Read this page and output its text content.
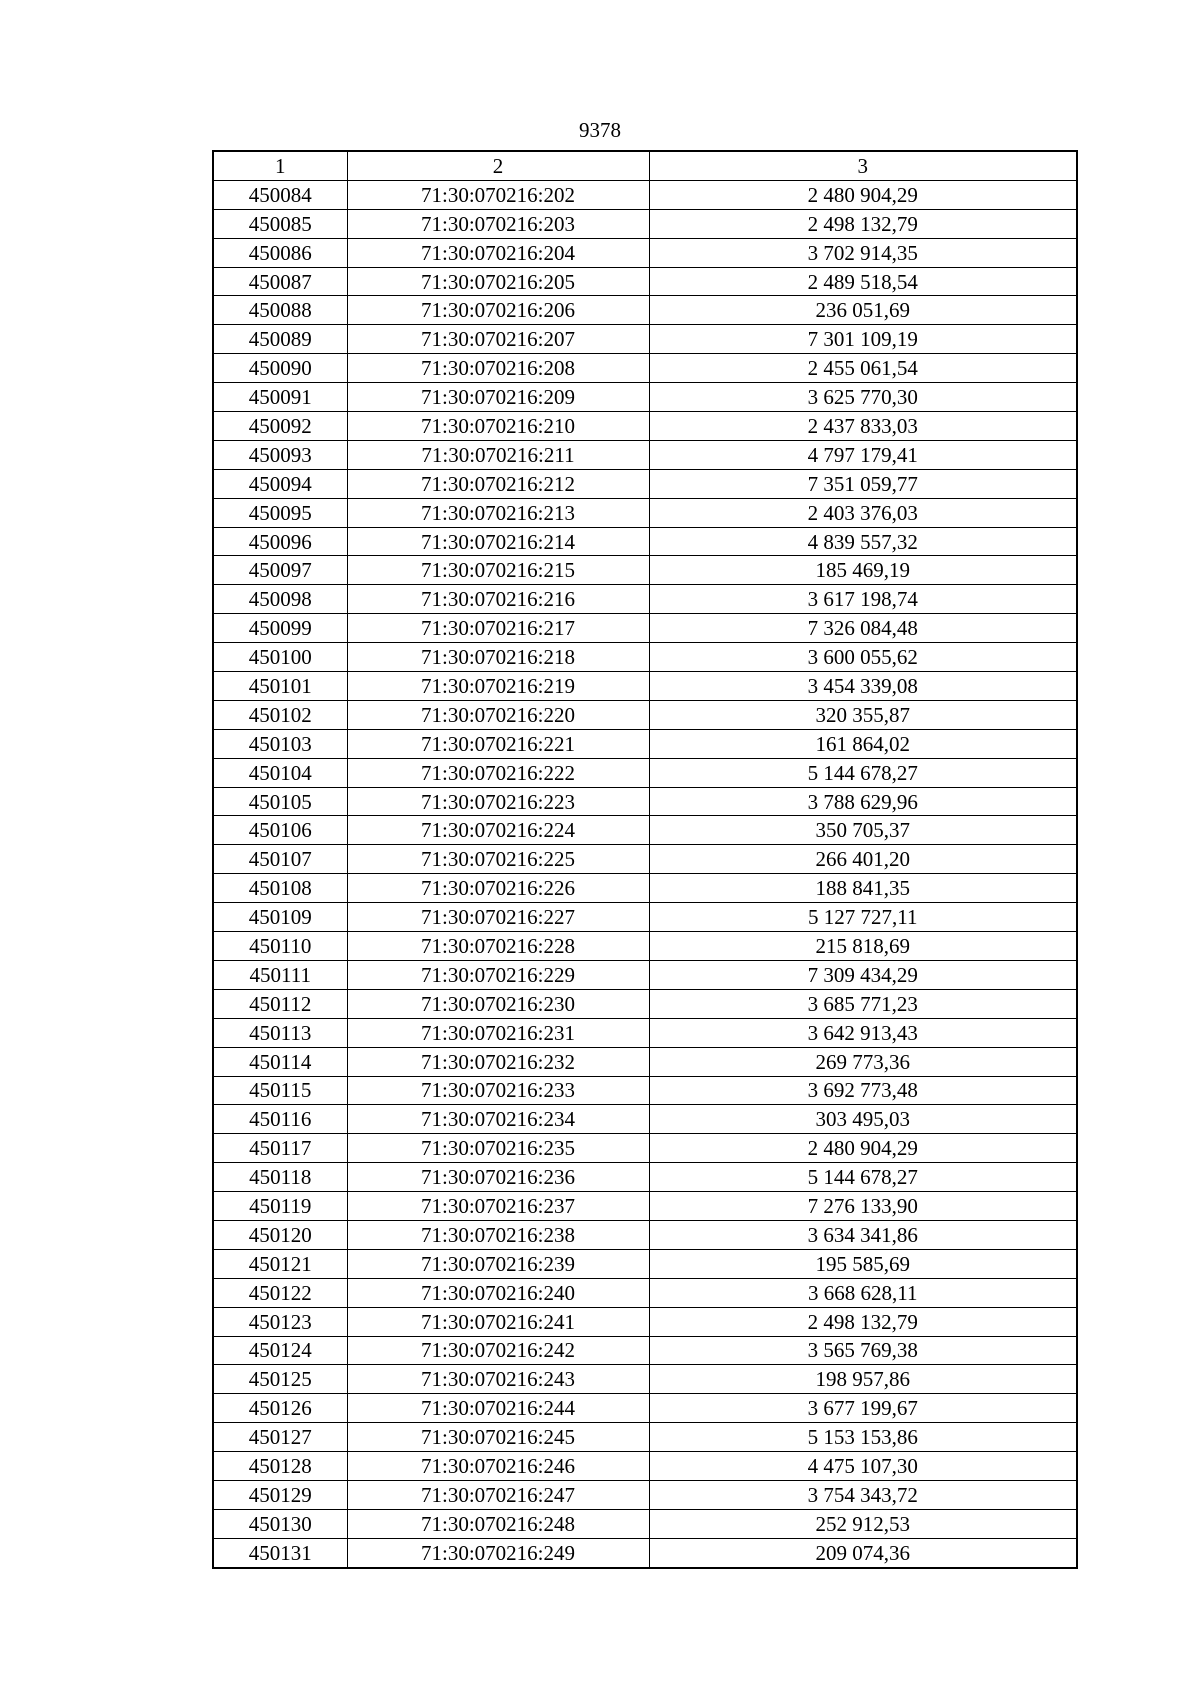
9378
1	2	3
450084	71:30:070216:202	2 480 904,29
450085	71:30:070216:203	2 498 132,79
450086	71:30:070216:204	3 702 914,35
450087	71:30:070216:205	2 489 518,54
450088	71:30:070216:206	236 051,69
450089	71:30:070216:207	7 301 109,19
450090	71:30:070216:208	2 455 061,54
450091	71:30:070216:209	3 625 770,30
450092	71:30:070216:210	2 437 833,03
450093	71:30:070216:211	4 797 179,41
450094	71:30:070216:212	7 351 059,77
450095	71:30:070216:213	2 403 376,03
450096	71:30:070216:214	4 839 557,32
450097	71:30:070216:215	185 469,19
450098	71:30:070216:216	3 617 198,74
450099	71:30:070216:217	7 326 084,48
450100	71:30:070216:218	3 600 055,62
450101	71:30:070216:219	3 454 339,08
450102	71:30:070216:220	320 355,87
450103	71:30:070216:221	161 864,02
450104	71:30:070216:222	5 144 678,27
450105	71:30:070216:223	3 788 629,96
450106	71:30:070216:224	350 705,37
450107	71:30:070216:225	266 401,20
450108	71:30:070216:226	188 841,35
450109	71:30:070216:227	5 127 727,11
450110	71:30:070216:228	215 818,69
450111	71:30:070216:229	7 309 434,29
450112	71:30:070216:230	3 685 771,23
450113	71:30:070216:231	3 642 913,43
450114	71:30:070216:232	269 773,36
450115	71:30:070216:233	3 692 773,48
450116	71:30:070216:234	303 495,03
450117	71:30:070216:235	2 480 904,29
450118	71:30:070216:236	5 144 678,27
450119	71:30:070216:237	7 276 133,90
450120	71:30:070216:238	3 634 341,86
450121	71:30:070216:239	195 585,69
450122	71:30:070216:240	3 668 628,11
450123	71:30:070216:241	2 498 132,79
450124	71:30:070216:242	3 565 769,38
450125	71:30:070216:243	198 957,86
450126	71:30:070216:244	3 677 199,67
450127	71:30:070216:245	5 153 153,86
450128	71:30:070216:246	4 475 107,30
450129	71:30:070216:247	3 754 343,72
450130	71:30:070216:248	252 912,53
450131	71:30:070216:249	209 074,36
